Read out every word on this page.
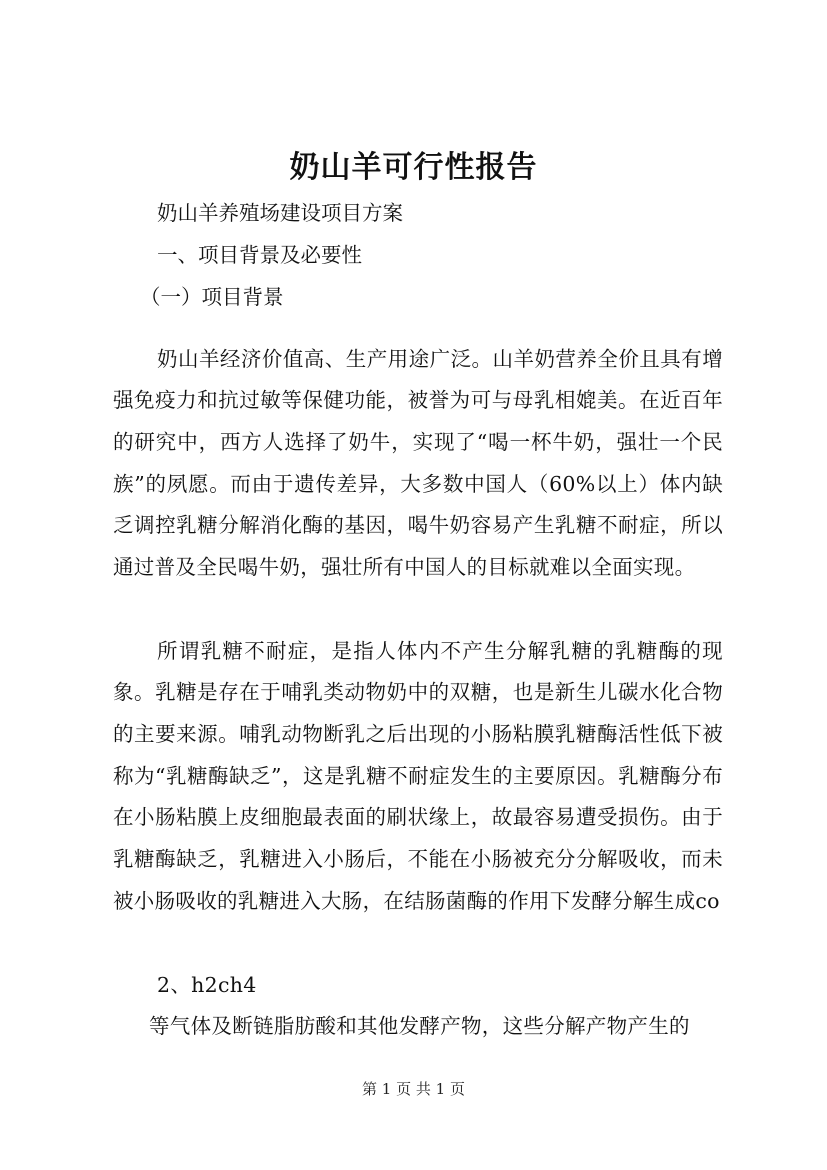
奶山羊可行性报告
奶山羊养殖场建设项目方案
一、项目背景及必要性
（一）项目背景

奶山羊经济价值高、生产用途广泛。山羊奶营养全价且具有增强免疫力和抗过敏等保健功能，被誉为可与母乳相媲美。在近百年的研究中，西方人选择了奶牛，实现了“喝一杯牛奶，强壮一个民族”的夙愿。而由于遗传差异，大多数中国人（60%以上）体内缺乏调控乳糖分解消化酶的基因，喝牛奶容易产生乳糖不耐症，所以通过普及全民喝牛奶，强壮所有中国人的目标就难以全面实现。

所谓乳糖不耐症，是指人体内不产生分解乳糖的乳糖酶的现象。乳糖是存在于哺乳类动物奶中的双糖，也是新生儿碳水化合物的主要来源。哺乳动物断乳之后出现的小肠粘膜乳糖酶活性低下被称为“乳糖酶缺乏”，这是乳糖不耐症发生的主要原因。乳糖酶分布在小肠粘膜上皮细胞最表面的刷状缘上，故最容易遭受损伤。由于乳糖酶缺乏，乳糖进入小肠后，不能在小肠被充分分解吸收，而未被小肠吸收的乳糖进入大肠，在结肠菌酶的作用下发酵分解生成co

2、h2ch4

等气体及断链脂肪酸和其他发酵产物，这些分解产物产生的

第 1 页 共 1 页
